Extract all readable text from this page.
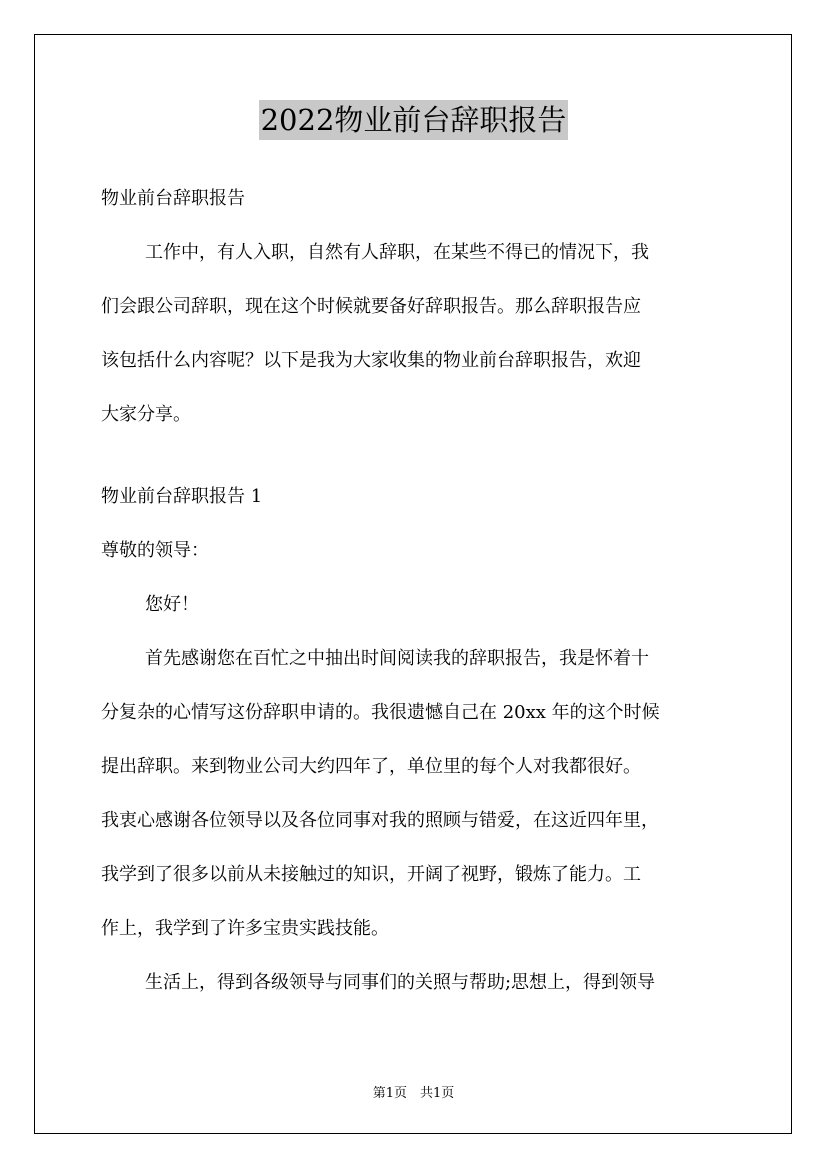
2022物业前台辞职报告

物业前台辞职报告

工作中，有人入职，自然有人辞职，在某些不得已的情况下，我

们会跟公司辞职，现在这个时候就要备好辞职报告。那么辞职报告应

该包括什么内容呢？以下是我为大家收集的物业前台辞职报告，欢迎

大家分享。

物业前台辞职报告 1

尊敬的领导：

您好！

首先感谢您在百忙之中抽出时间阅读我的辞职报告，我是怀着十

分复杂的心情写这份辞职申请的。我很遗憾自己在 20xx 年的这个时候

提出辞职。来到物业公司大约四年了，单位里的每个人对我都很好。

我衷心感谢各位领导以及各位同事对我的照顾与错爱，在这近四年里，

我学到了很多以前从未接触过的知识，开阔了视野，锻炼了能力。工

作上，我学到了许多宝贵实践技能。

生活上，得到各级领导与同事们的关照与帮助;思想上，得到领导

第1页　共1页
